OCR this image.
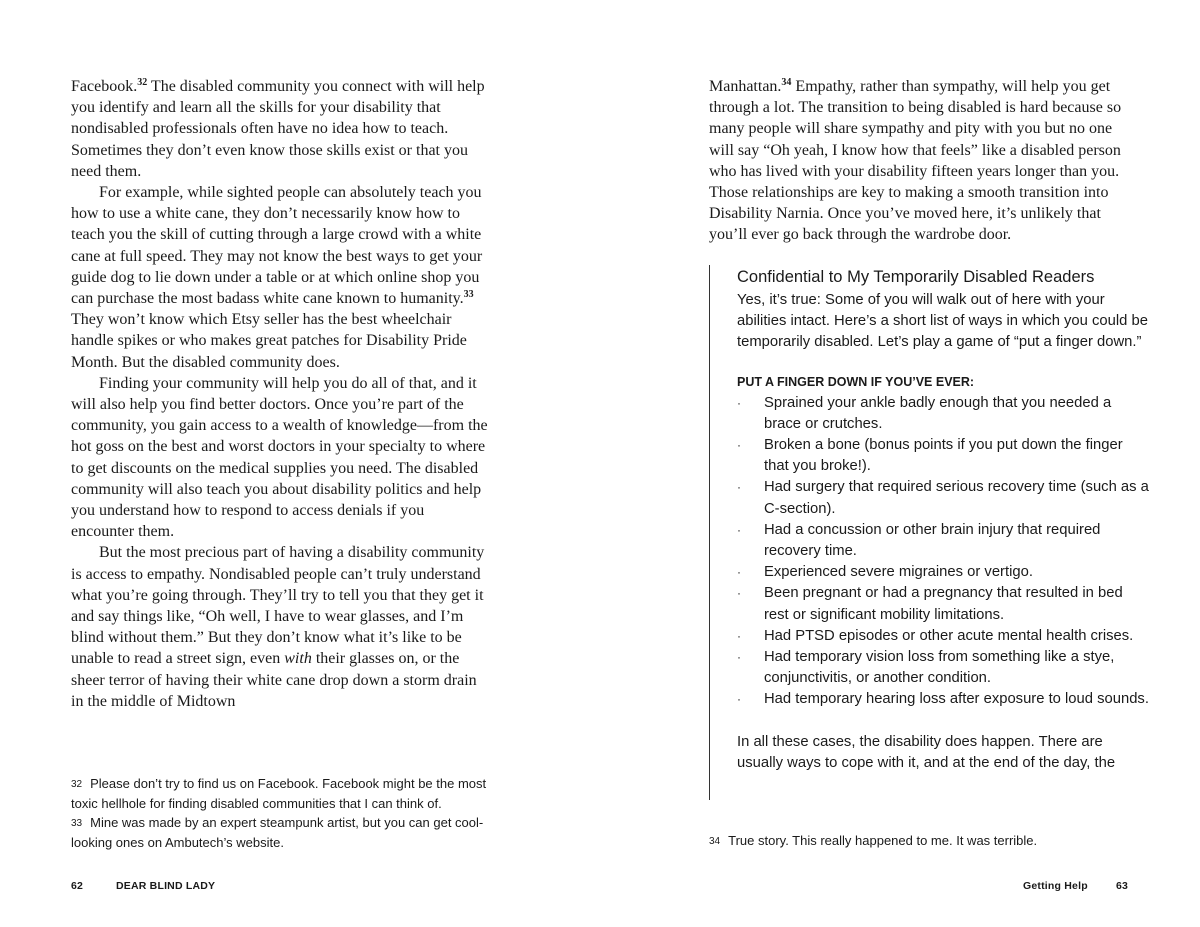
Facebook.$^{32}$ The disabled community you connect with will help you identify and learn all the skills for your disability that nondisabled professionals often have no idea how to teach. Sometimes they don’t even know those skills exist or that you need them.

For example, while sighted people can absolutely teach you how to use a white cane, they don’t necessarily know how to teach you the skill of cutting through a large crowd with a white cane at full speed. They may not know the best ways to get your guide dog to lie down under a table or at which online shop you can purchase the most badass white cane known to humanity.$^{33}$ They won’t know which Etsy seller has the best wheelchair handle spikes or who makes great patches for Disability Pride Month. But the disabled community does.

Finding your community will help you do all of that, and it will also help you find better doctors. Once you’re part of the community, you gain access to a wealth of knowledge—from the hot goss on the best and worst doctors in your specialty to where to get discounts on the medical supplies you need. The disabled community will also teach you about disability politics and help you understand how to respond to access denials if you encounter them.

But the most precious part of having a disability community is access to empathy. Nondisabled people can’t truly understand what you’re going through. They’ll try to tell you that they get it and say things like, “Oh well, I have to wear glasses, and I’m blind without them.” But they don’t know what it’s like to be unable to read a street sign, even with their glasses on, or the sheer terror of having their white cane drop down a storm drain in the middle of Midtown

32 Please don’t try to find us on Facebook. Facebook might be the most toxic hellhole for finding disabled communities that I can think of.

33 Mine was made by an expert steampunk artist, but you can get cool-looking ones on Ambutech’s website.

62	DEAR BLIND LADY

Manhattan.$^{34}$ Empathy, rather than sympathy, will help you get through a lot. The transition to being disabled is hard because so many people will share sympathy and pity with you but no one will say “Oh yeah, I know how that feels” like a disabled person who has lived with your disability fifteen years longer than you. Those relationships are key to making a smooth transition into Disability Narnia. Once you’ve moved here, it’s unlikely that you’ll ever go back through the wardrobe door.

Confidential to My Temporarily Disabled Readers

Yes, it’s true: Some of you will walk out of here with your abilities intact. Here’s a short list of ways in which you could be temporarily disabled. Let’s play a game of “put a finger down.”

PUT A FINGER DOWN IF YOU’VE EVER:
· Sprained your ankle badly enough that you needed a brace or crutches.
· Broken a bone (bonus points if you put down the finger that you broke!).
· Had surgery that required serious recovery time (such as a C-section).
· Had a concussion or other brain injury that required recovery time.
· Experienced severe migraines or vertigo.
· Been pregnant or had a pregnancy that resulted in bed rest or significant mobility limitations.
· Had PTSD episodes or other acute mental health crises.
· Had temporary vision loss from something like a stye, conjunctivitis, or another condition.
· Had temporary hearing loss after exposure to loud sounds.

In all these cases, the disability does happen. There are usually ways to cope with it, and at the end of the day, the

34 True story. This really happened to me. It was terrible.

Getting Help	63
